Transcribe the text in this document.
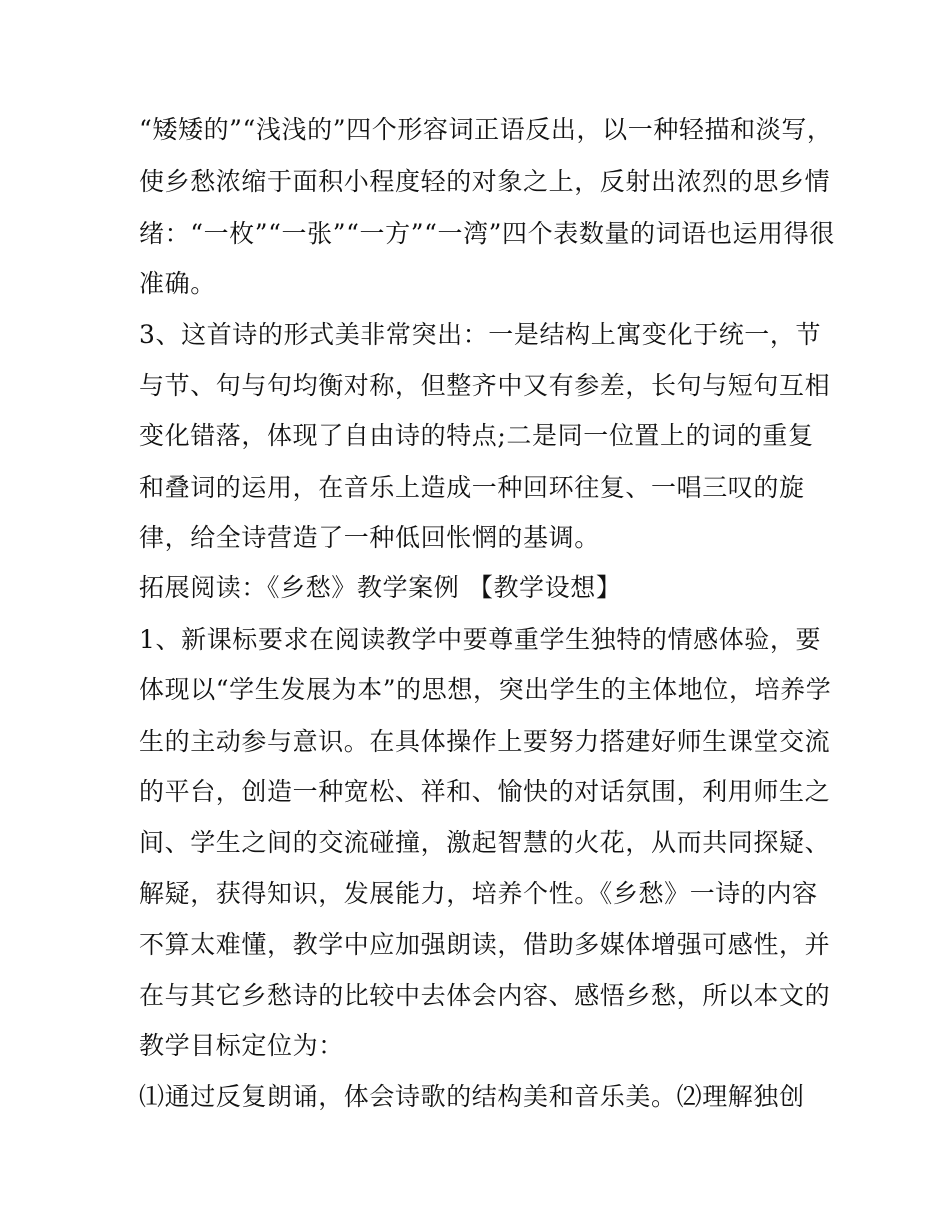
“矮矮的”“浅浅的”四个形容词正语反出，以一种轻描和淡写，
使乡愁浓缩于面积小程度轻的对象之上，反射出浓烈的思乡情
绪：“一枚”“一张”“一方”“一湾”四个表数量的词语也运用得很
准确。
3、这首诗的形式美非常突出：一是结构上寓变化于统一，节
与节、句与句均衡对称，但整齐中又有参差，长句与短句互相
变化错落，体现了自由诗的特点;二是同一位置上的词的重复
和叠词的运用，在音乐上造成一种回环往复、一唱三叹的旋
律，给全诗营造了一种低回怅惘的基调。
拓展阅读：《乡愁》教学案例 【教学设想】
1、新课标要求在阅读教学中要尊重学生独特的情感体验，要
体现以“学生发展为本”的思想，突出学生的主体地位，培养学
生的主动参与意识。在具体操作上要努力搭建好师生课堂交流
的平台，创造一种宽松、祥和、愉快的对话氛围，利用师生之
间、学生之间的交流碰撞，激起智慧的火花，从而共同探疑、
解疑，获得知识，发展能力，培养个性。《乡愁》一诗的内容
不算太难懂，教学中应加强朗读，借助多媒体增强可感性，并
在与其它乡愁诗的比较中去体会内容、感悟乡愁，所以本文的
教学目标定位为：
⑴通过反复朗诵，体会诗歌的结构美和音乐美。⑵理解独创
